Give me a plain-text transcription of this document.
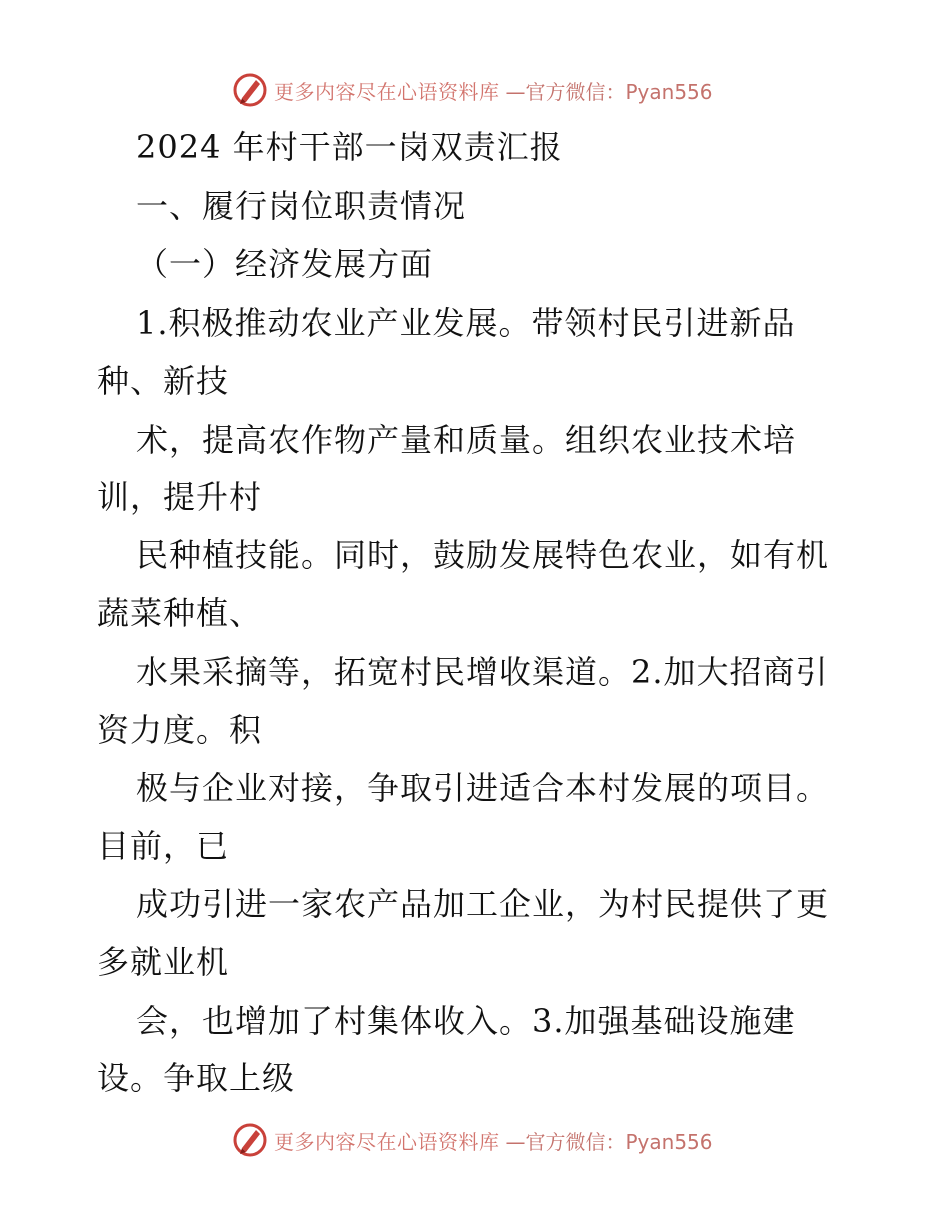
更多内容尽在心语资料库 —官方微信：Pyan556
2024 年村干部一岗双责汇报
一、履行岗位职责情况
（一）经济发展方面
1.积极推动农业产业发展。带领村民引进新品
种、新技
术，提高农作物产量和质量。组织农业技术培
训，提升村
民种植技能。同时，鼓励发展特色农业，如有机
蔬菜种植、
水果采摘等，拓宽村民增收渠道。2.加大招商引
资力度。积
极与企业对接，争取引进适合本村发展的项目。
目前，已
成功引进一家农产品加工企业，为村民提供了更
多就业机
会，也增加了村集体收入。3.加强基础设施建
设。争取上级
更多内容尽在心语资料库 —官方微信：Pyan556
